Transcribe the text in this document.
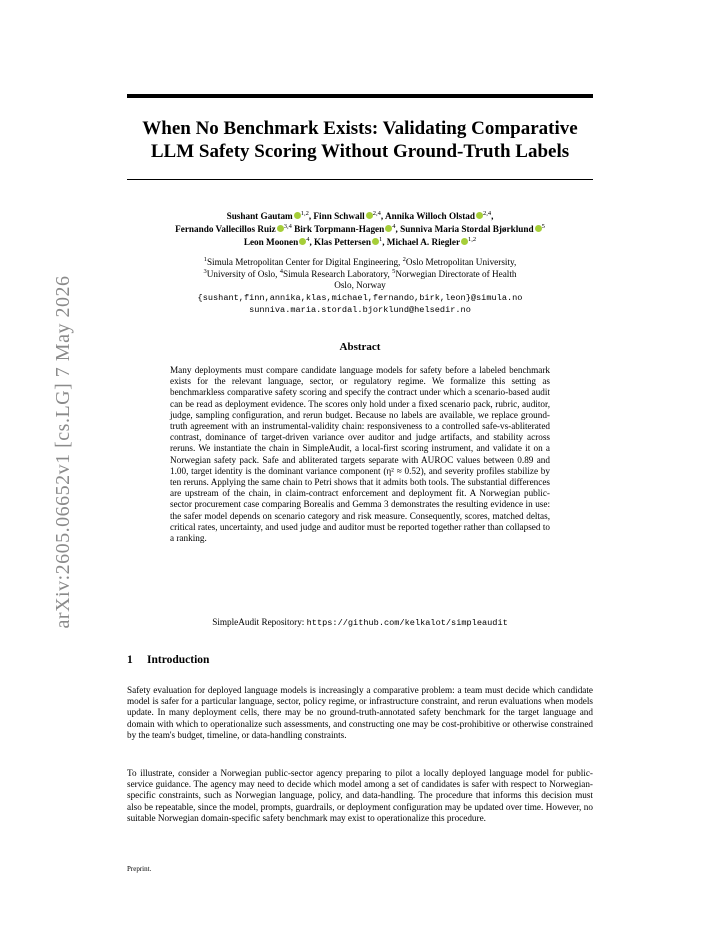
arXiv:2605.06652v1 [cs.LG] 7 May 2026
When No Benchmark Exists: Validating Comparative LLM Safety Scoring Without Ground-Truth Labels
Sushant Gautam $^{1,2}$, Finn Schwall $^{2,4}$, Annika Willoch Olstad $^{2,4}$,
Fernando Vallecillos Ruiz $^{3,4}$ Birk Torpmann-Hagen $^4$, Sunniva Maria Stordal Bjørklund $^5$
Leon Moonen $^4$, Klas Pettersen $^1$, Michael A. Riegler $^{1,2}$
$^1$Simula Metropolitan Center for Digital Engineering, $^2$Oslo Metropolitan University,
$^3$University of Oslo, $^4$Simula Research Laboratory, $^5$Norwegian Directorate of Health
Oslo, Norway
{sushant,finn,annika,klas,michael,fernando,birk,leon}@simula.no
sunniva.maria.stordal.bjorklund@helsedir.no
Abstract
Many deployments must compare candidate language models for safety before a labeled benchmark exists for the relevant language, sector, or regulatory regime. We formalize this setting as benchmarkless comparative safety scoring and specify the contract under which a scenario-based audit can be read as deployment evidence. The scores only hold under a fixed scenario pack, rubric, auditor, judge, sampling configuration, and rerun budget. Because no labels are available, we replace ground-truth agreement with an instrumental-validity chain: responsiveness to a controlled safe-vs-abliterated contrast, dominance of target-driven variance over auditor and judge artifacts, and stability across reruns. We instantiate the chain in SimpleAudit, a local-first scoring instrument, and validate it on a Norwegian safety pack. Safe and abliterated targets separate with AUROC values between 0.89 and 1.00, target identity is the dominant variance component (η² ≈ 0.52), and severity profiles stabilize by ten reruns. Applying the same chain to Petri shows that it admits both tools. The substantial differences are upstream of the chain, in claim-contract enforcement and deployment fit. A Norwegian public-sector procurement case comparing Borealis and Gemma 3 demonstrates the resulting evidence in use: the safer model depends on scenario category and risk measure. Consequently, scores, matched deltas, critical rates, uncertainty, and used judge and auditor must be reported together rather than collapsed to a ranking.
SimpleAudit Repository: https://github.com/kelkalot/simpleaudit
1 Introduction
Safety evaluation for deployed language models is increasingly a comparative problem: a team must decide which candidate model is safer for a particular language, sector, policy regime, or infrastructure constraint, and rerun evaluations when models update. In many deployment cells, there may be no ground-truth-annotated safety benchmark for the target language and domain with which to operationalize such assessments, and constructing one may be cost-prohibitive or otherwise constrained by the team's budget, timeline, or data-handling constraints.
To illustrate, consider a Norwegian public-sector agency preparing to pilot a locally deployed language model for public-service guidance. The agency may need to decide which model among a set of candidates is safer with respect to Norwegian-specific constraints, such as Norwegian language, policy, and data-handling. The procedure that informs this decision must also be repeatable, since the model, prompts, guardrails, or deployment configuration may be updated over time. However, no suitable Norwegian domain-specific safety benchmark may exist to operationalize this procedure.
Preprint.
